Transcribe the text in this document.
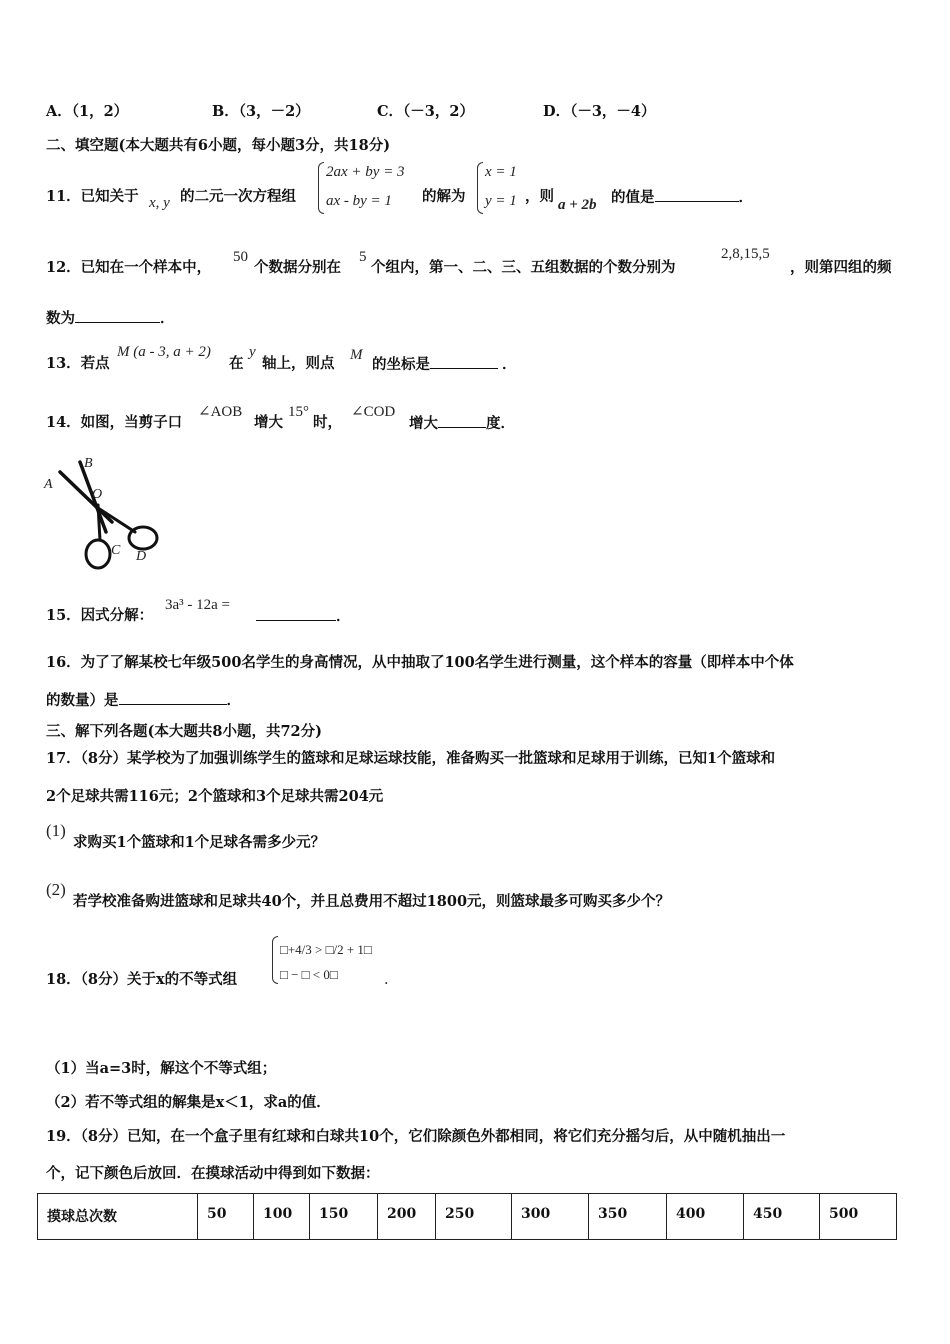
A．（1，2）	B．（3，－2）	C．（－3，2）	D．（－3，－4）
二、填空题(本大题共有6小题，每小题3分，共18分)
11．已知关于 x, y 的二元一次方程组
2ax + by = 3
ax - by = 1 的解为
x = 1
y = 1 ，则 a + 2b 的值是	．
12．已知在一个样本中，
50
个数据分别在
5
个组内，第一、二、三、五组数据的个数分别为
2,8,15,5
，则第四组的频
数为	．
13．若点
M (a - 3, a + 2)
在
y
轴上，则点 M
的坐标是	．
14．如图，当剪子口
∠AOB
增大
15°
时，
∠COD
增大	度．
A
B
O
C D
15．因式分解：
3a³ - 12a =
．
16．为了了解某校七年级500名学生的身高情况，从中抽取了100名学生进行测量，这个样本的容量（即样本中个体
的数量）是	．
三、解下列各题(本大题共8小题，共72分)
17．（8分）某学校为了加强训练学生的篮球和足球运球技能，准备购买一批篮球和足球用于训练，已知1个篮球和
2个足球共需116元；2个篮球和3个足球共需204元
(1)
求购买1个篮球和1个足球各需多少元？
(2)
若学校准备购进篮球和足球共40个，并且总费用不超过1800元，则篮球最多可购买多少个？
18．（8分）关于x的不等式组
□+4/3 > □/2 + 1□
□ − □ < 0□	．
（1）当a=3时，解这个不等式组；
（2）若不等式组的解集是x＜1，求a的值．
19．（8分）已知，在一个盒子里有红球和白球共10个，它们除颜色外都相同，将它们充分摇匀后，从中随机抽出一
个，记下颜色后放回．在摸球活动中得到如下数据：
摸球总次数	50	100	150	200	250	300	350	400	450	500
